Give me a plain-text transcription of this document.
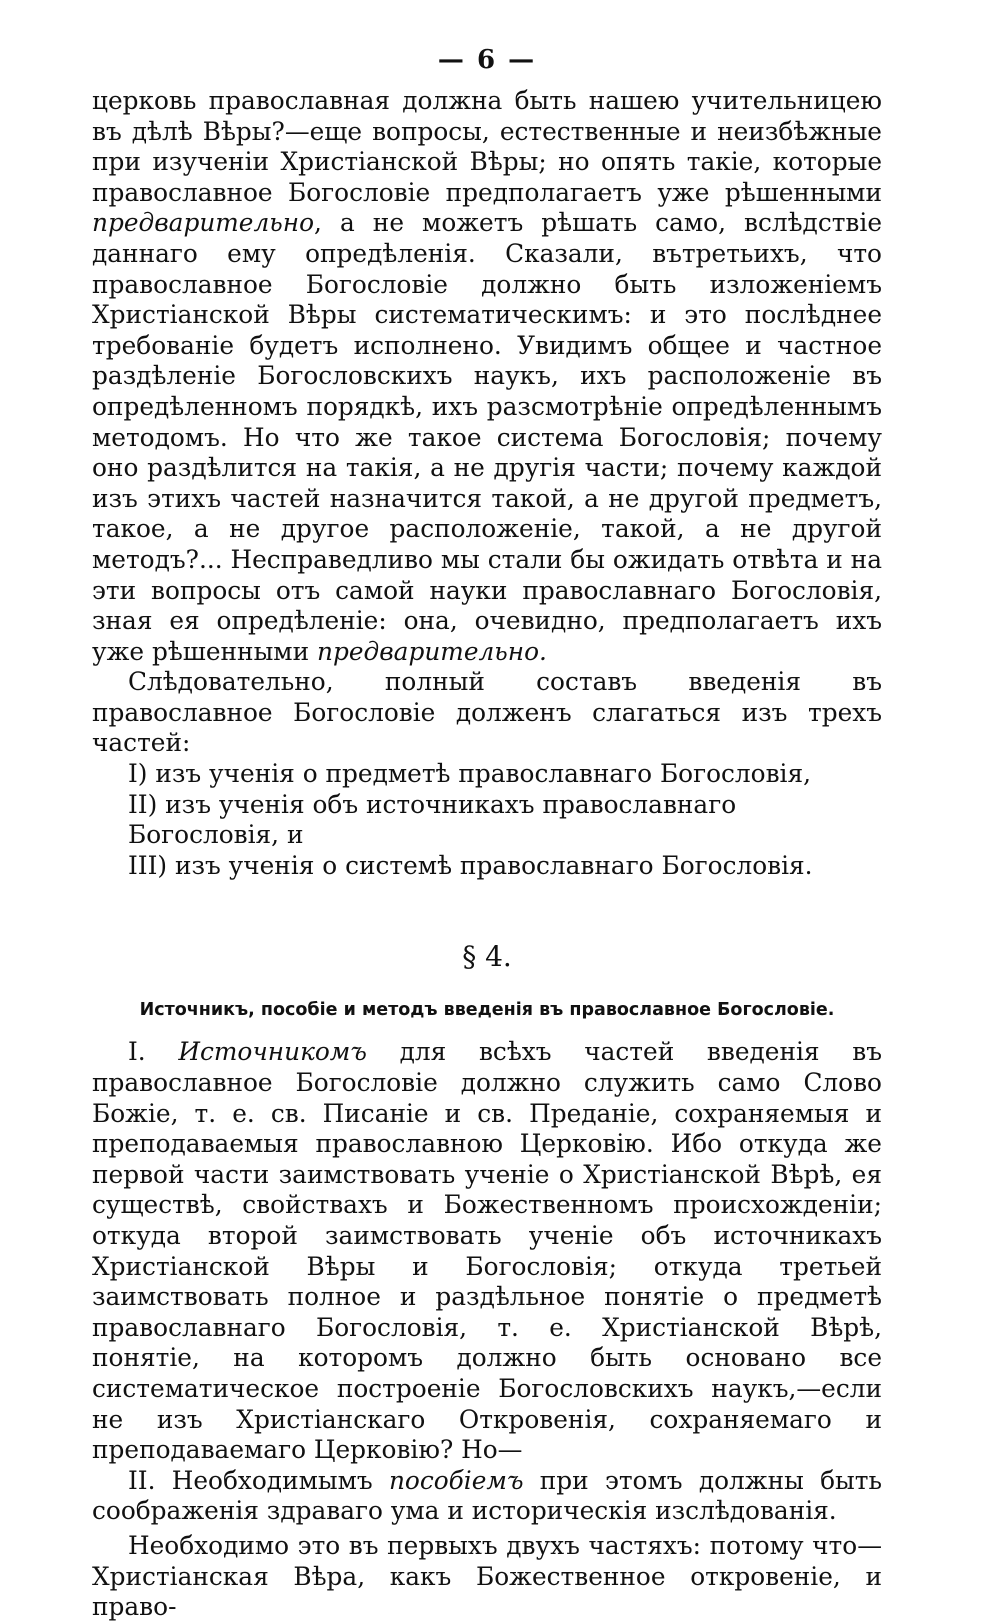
— 6 —

церковь православная должна быть нашею учительницею въ дѣлѣ Вѣры?—еще вопросы, естественные и неизбѣжные при изученiи Христiанской Вѣры; но опять такiе, которые православное Богословiе предполагаетъ уже рѣшенными предварительно, а не можетъ рѣшать само, вслѣдствiе даннаго ему опредѣленiя. Сказали, вътретьихъ, что православное Богословiе должно быть изложенiемъ Христiанской Вѣры систематическимъ: и это послѣднее требованiе будетъ исполнено. Увидимъ общее и частное раздѣленiе Богословскихъ наукъ, ихъ расположенiе въ опредѣленномъ порядкѣ, ихъ разсмотрѣнiе опредѣленнымъ методомъ. Но что же такое система Богословiя; почему оно раздѣлится на такiя, а не другiя части; почему каждой изъ этихъ частей назначится такой, а не другой предметъ, такое, а не другое расположенiе, такой, а не другой методъ?... Несправедливо мы стали бы ожидать отвѣта и на эти вопросы отъ самой науки православнаго Богословiя, зная ея опредѣленiе: она, очевидно, предполагаетъ ихъ уже рѣшенными предварительно.

Слѣдовательно, полный составъ введенiя въ православное Богословiе долженъ слагаться изъ трехъ частей:

I) изъ ученiя о предметѣ православнаго Богословiя,

II) изъ ученiя объ источникахъ православнаго Богословiя, и

III) изъ ученiя о системѣ православнаго Богословiя.

§ 4.
Источникъ, пособiе и методъ введенiя въ православное Богословiе.

I. Источникомъ для всѣхъ частей введенiя въ православное Богословiе должно служить само Слово Божiе, т. е. св. Писанiе и св. Преданiе, сохраняемыя и преподаваемыя православною Церковiю. Ибо откуда же первой части заимствовать ученiе о Христiанской Вѣрѣ, ея существѣ, свойствахъ и Божественномъ происхожденiи; откуда второй заимствовать ученiе объ источникахъ Христiанской Вѣры и Богословiя; откуда третьей заимствовать полное и раздѣльное понятiе о предметѣ православнаго Богословiя, т. е. Христiанской Вѣрѣ, понятiе, на которомъ должно быть основано все систематическое построенiе Богословскихъ наукъ,—если не изъ Христiанскаго Откровенiя, сохраняемаго и преподаваемаго Церковiю? Но—

II. Необходимымъ пособiемъ при этомъ должны быть соображенiя здраваго ума и историческiя изслѣдованiя.

Необходимо это въ первыхъ двухъ частяхъ: потому что—Христiанская Вѣра, какъ Божественное откровенiе, и право-
